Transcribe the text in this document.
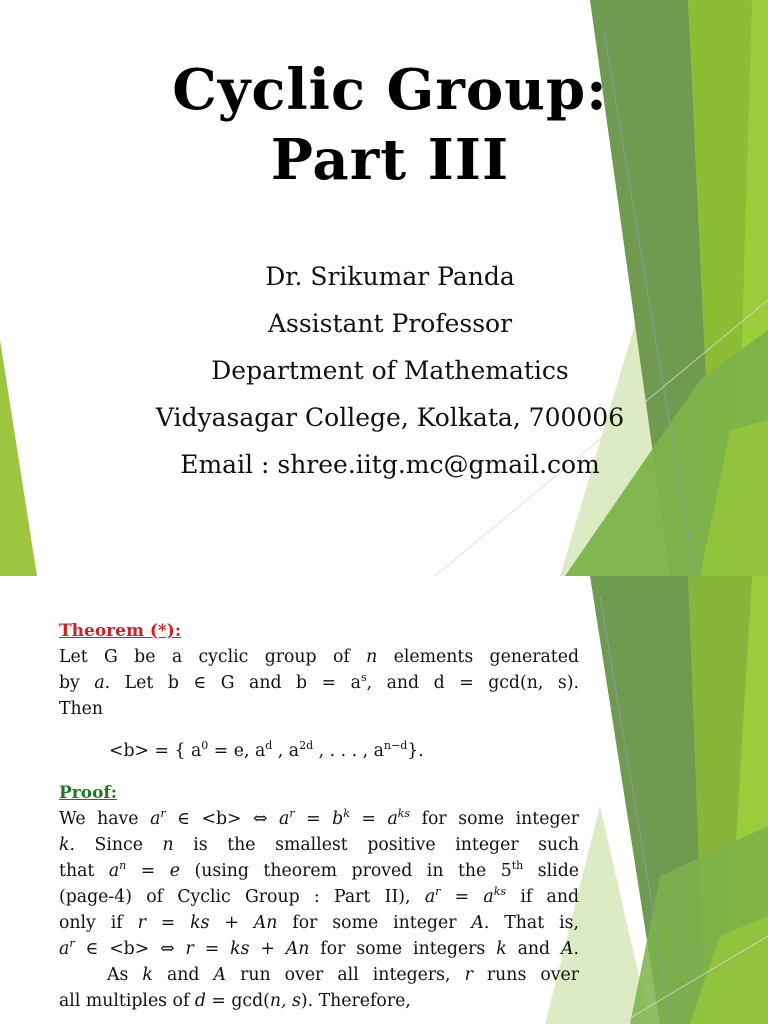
Cyclic Group:
Part III
Dr. Srikumar Panda
Assistant Professor
Department of Mathematics
Vidyasagar College, Kolkata, 700006
Email : shree.iitg.mc@gmail.com
Theorem (*):
Let G be a cyclic group of n elements generated
by a. Let b ∈ G and $b = a^s$, and d = gcd(n, s).
Then
<b> = { $a^0 = e$, $a^d$ , $a^{2d}$ , . . . , $a^{n-d}$}.
Proof:
We have $a^r$ ∈ <b> ⇔ $a^r = b^k = a^{ks}$ for some integer
k. Since n is the smallest positive integer such
that $a^n = e$ (using theorem proved in the 5th slide
(page-4) of Cyclic Group : Part II), $a^r = a^{ks}$ if and
only if r = ks + An for some integer A. That is,
$a^r$ ∈ <b> ⇔ r = ks + An for some integers k and A.
As k and A run over all integers, r runs over
all multiples of d = gcd(n, s). Therefore,
